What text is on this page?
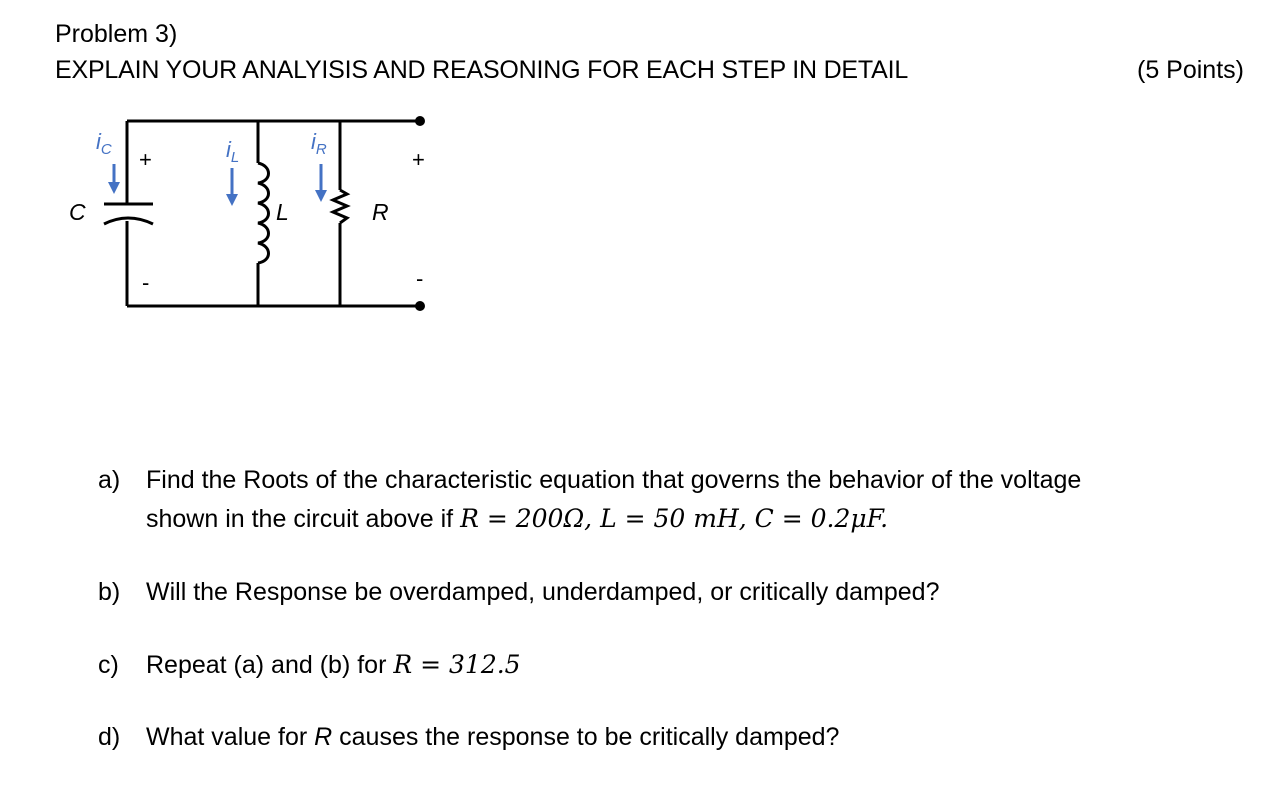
Problem 3)
EXPLAIN YOUR ANALYISIS AND REASONING FOR EACH STEP IN DETAIL	(5 Points)
$i_C$	$i_L$
$i_R$
C	L	R
+
-
+
-
a) Find the Roots of the characteristic equation that governs the behavior of the voltage
shown in the circuit above if R = 200Ω, L = 50 mH, C = 0.2μF.
b) Will the Response be overdamped, underdamped, or critically damped?
c) Repeat (a) and (b) for R = 312.5
d) What value for R causes the response to be critically damped?
